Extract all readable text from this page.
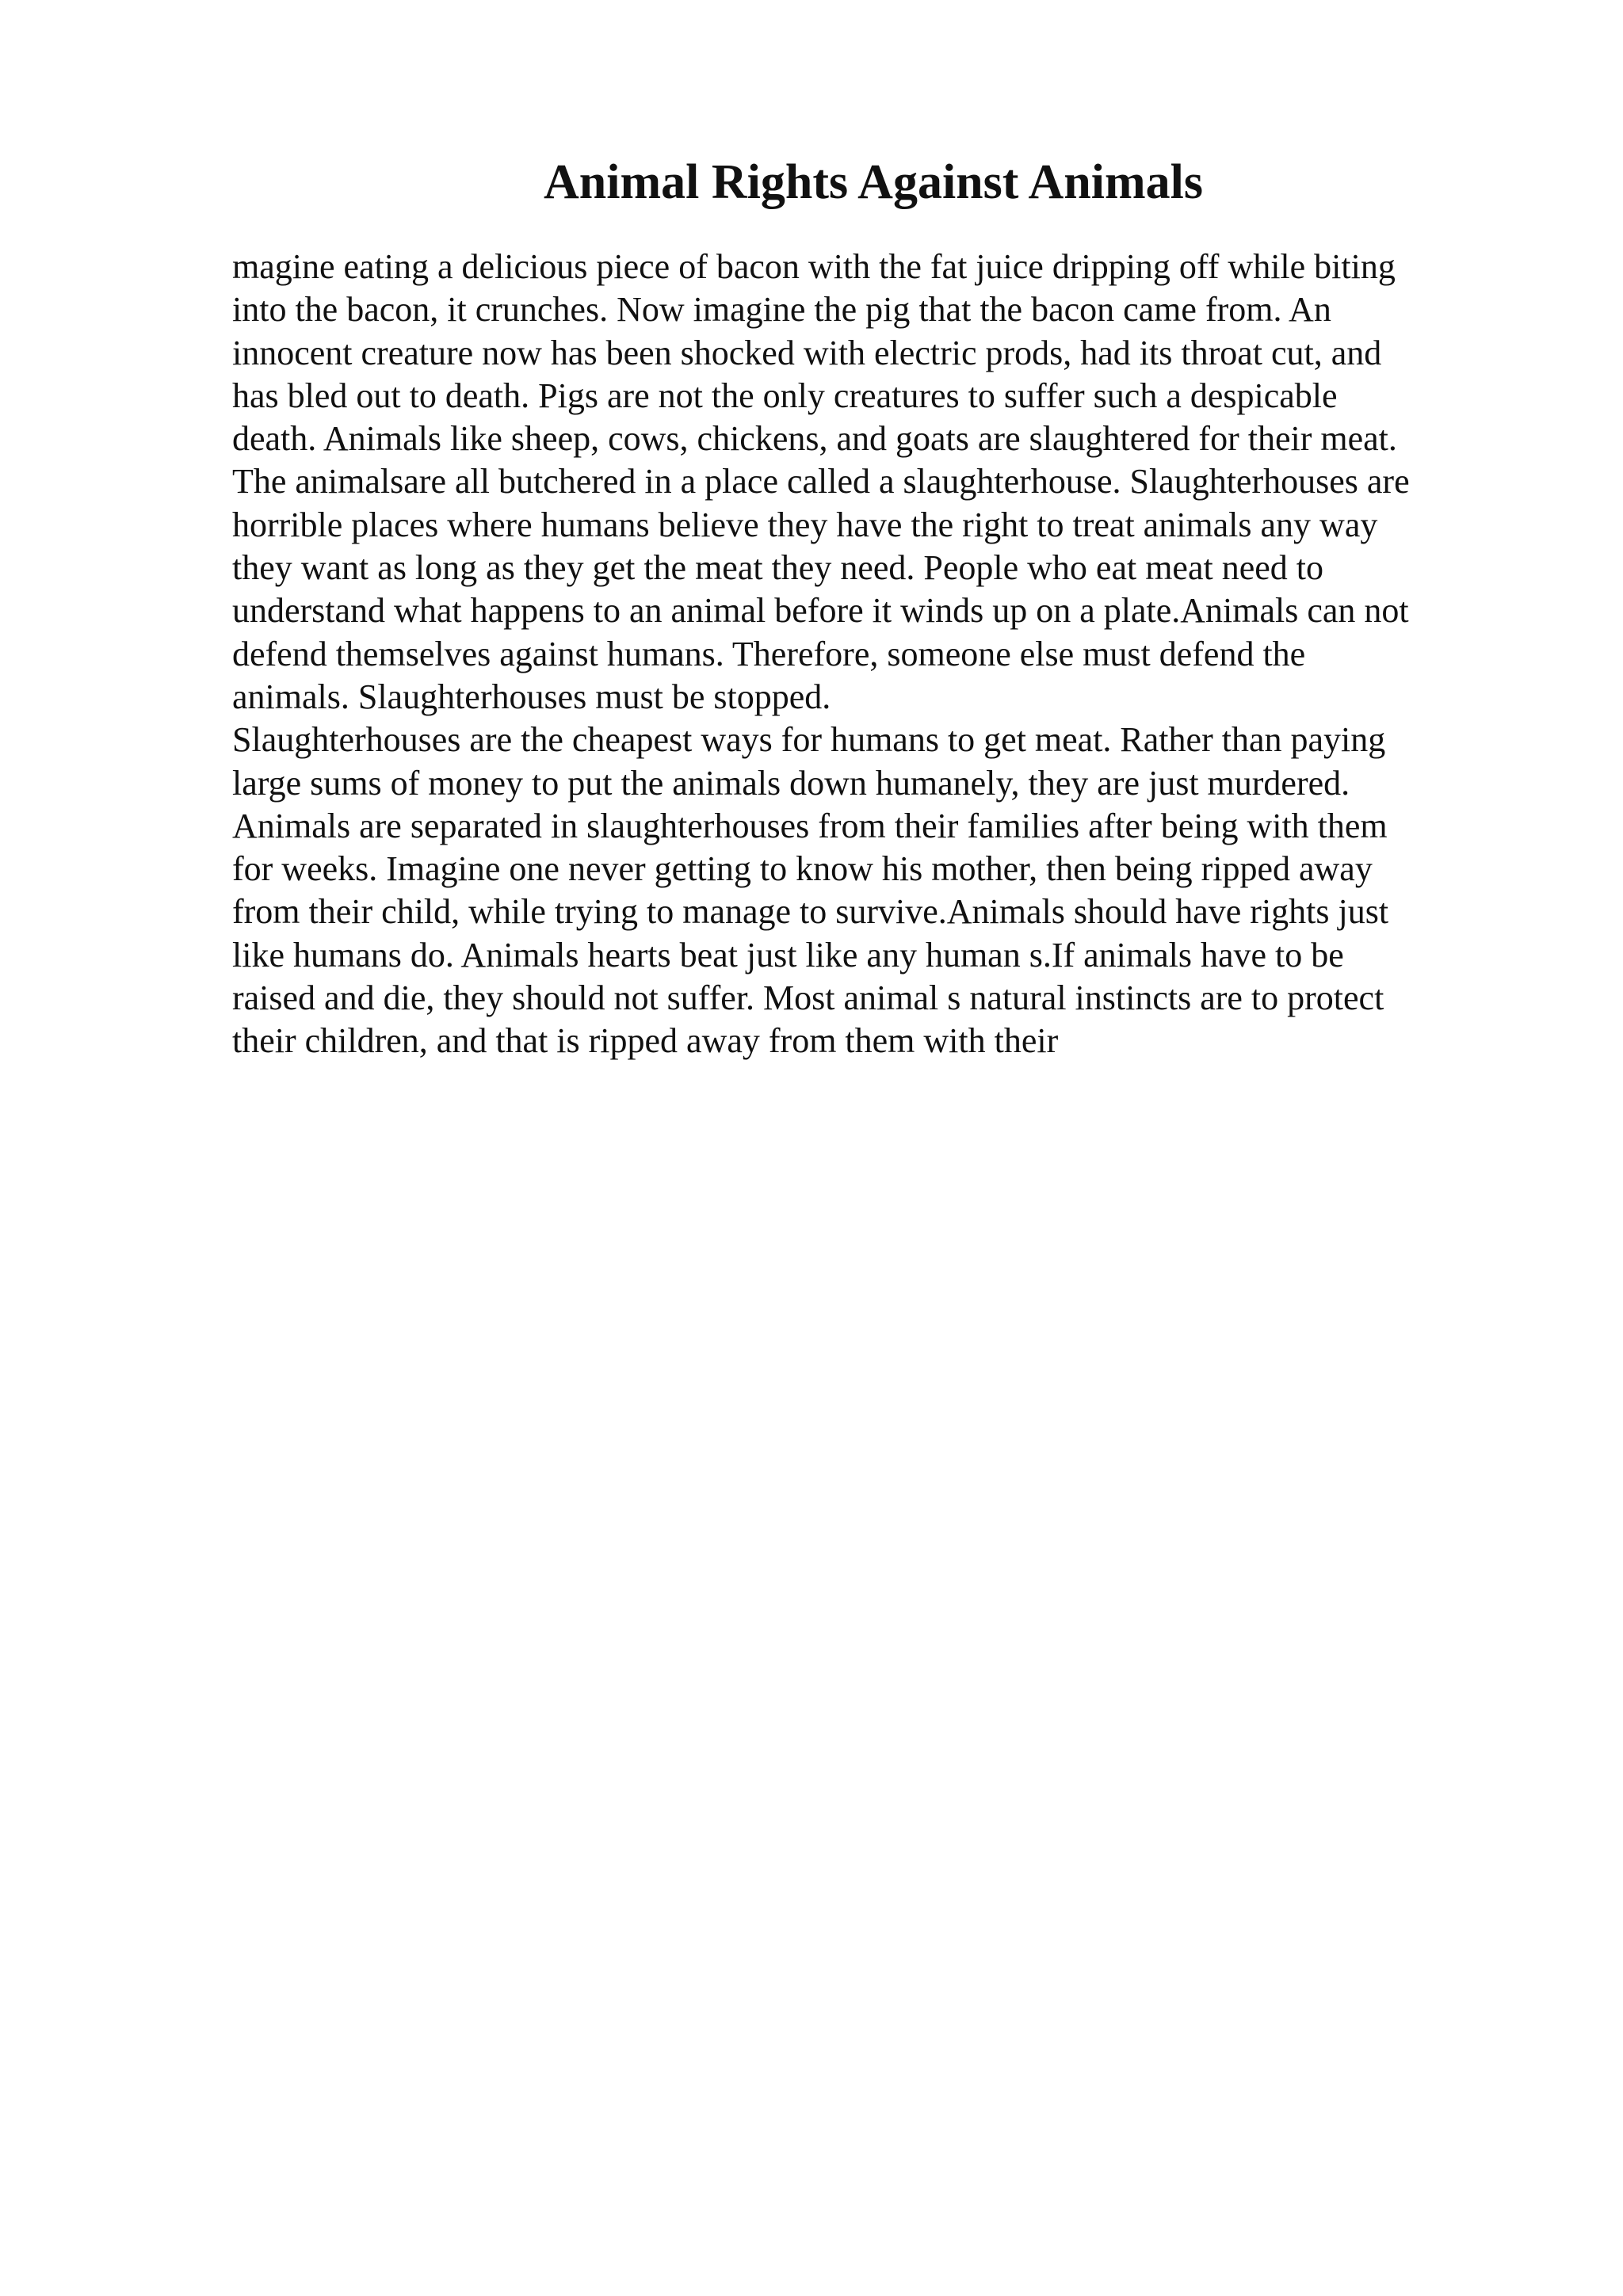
Animal Rights Against Animals
magine eating a delicious piece of bacon with the fat juice dripping off while biting
into the bacon, it crunches. Now imagine the pig that the bacon came from. An
innocent creature now has been shocked with electric prods, had its throat cut, and
has bled out to death. Pigs are not the only creatures to suffer such a despicable
death. Animals like sheep, cows, chickens, and goats are slaughtered for their meat.
The animalsare all butchered in a place called a slaughterhouse. Slaughterhouses are
horrible places where humans believe they have the right to treat animals any way
they want as long as they get the meat they need. People who eat meat need to
understand what happens to an animal before it winds up on a plate.Animals can not
defend themselves against humans. Therefore, someone else must defend the
animals. Slaughterhouses must be stopped.
Slaughterhouses are the cheapest ways for humans to get meat. Rather than paying
large sums of money to put the animals down humanely, they are just murdered.
Animals are separated in slaughterhouses from their families after being with them
for weeks. Imagine one never getting to know his mother, then being ripped away
from their child, while trying to manage to survive.Animals should have rights just
like humans do. Animals hearts beat just like any human s.If animals have to be
raised and die, they should not suffer. Most animal s natural instincts are to protect
their children, and that is ripped away from them with their
